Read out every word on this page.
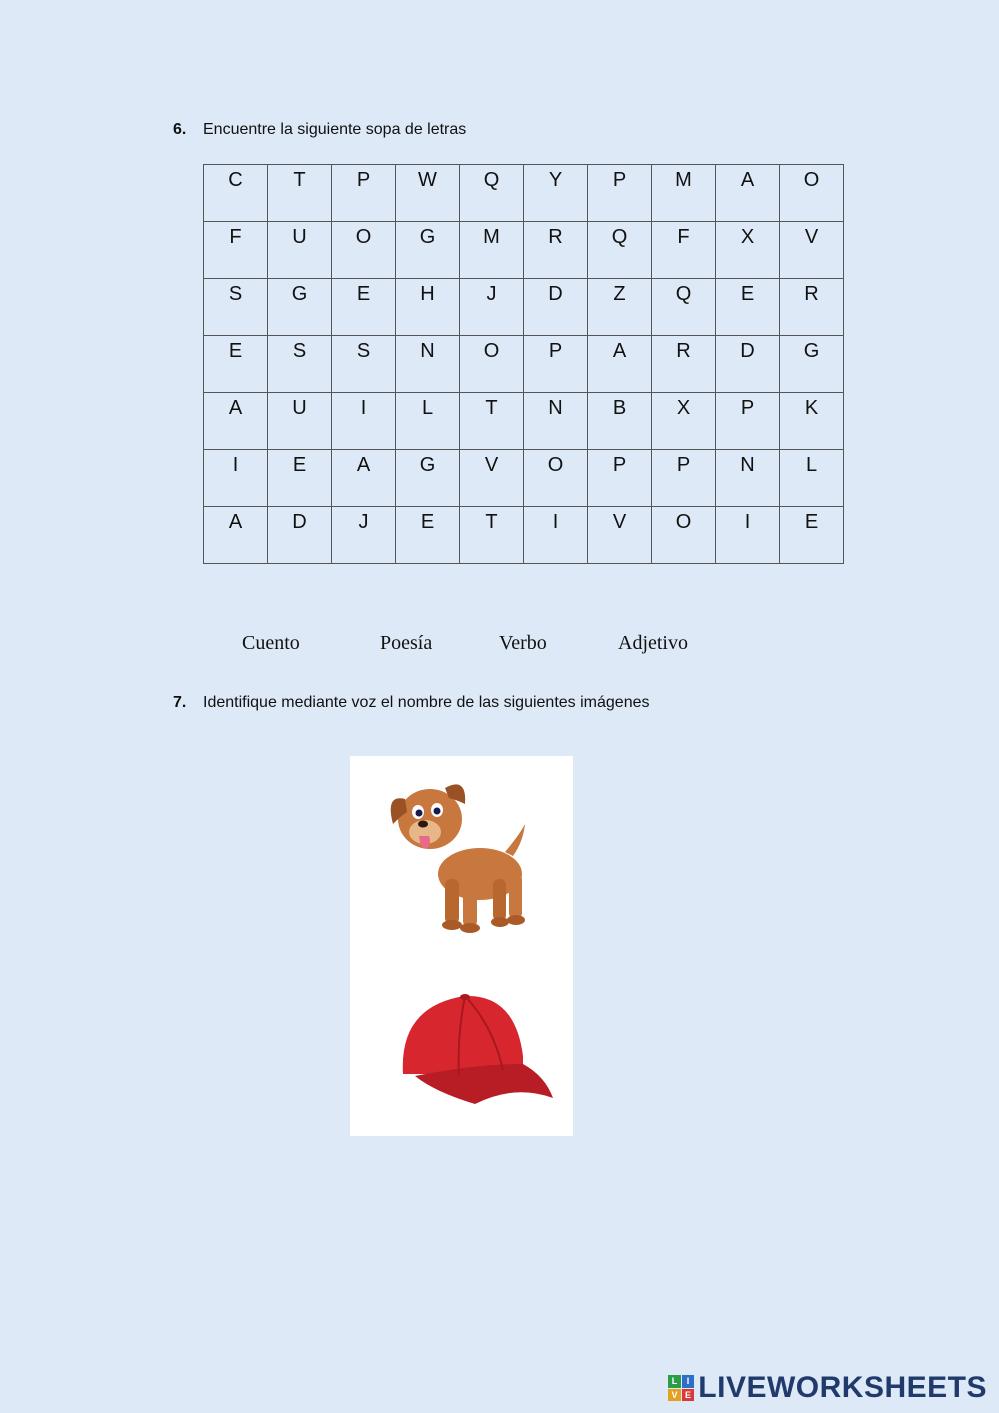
6. Encuentre la siguiente sopa de letras
C	T	P	W	Q	Y	P	M	A	O
F	U	O	G	M	R	Q	F	X	V
S	G	E	H	J	D	Z	Q	E	R
E	S	S	N	O	P	A	R	D	G
A	U	I	L	T	N	B	X	P	K
I	E	A	G	V	O	P	P	N	L
A	D	J	E	T	I	V	O	I	E
Cuento	Poesía	Verbo	Adjetivo
7. Identifique mediante voz el nombre de las siguientes imágenes
L	I
V E LIVEWORKSHEETS
